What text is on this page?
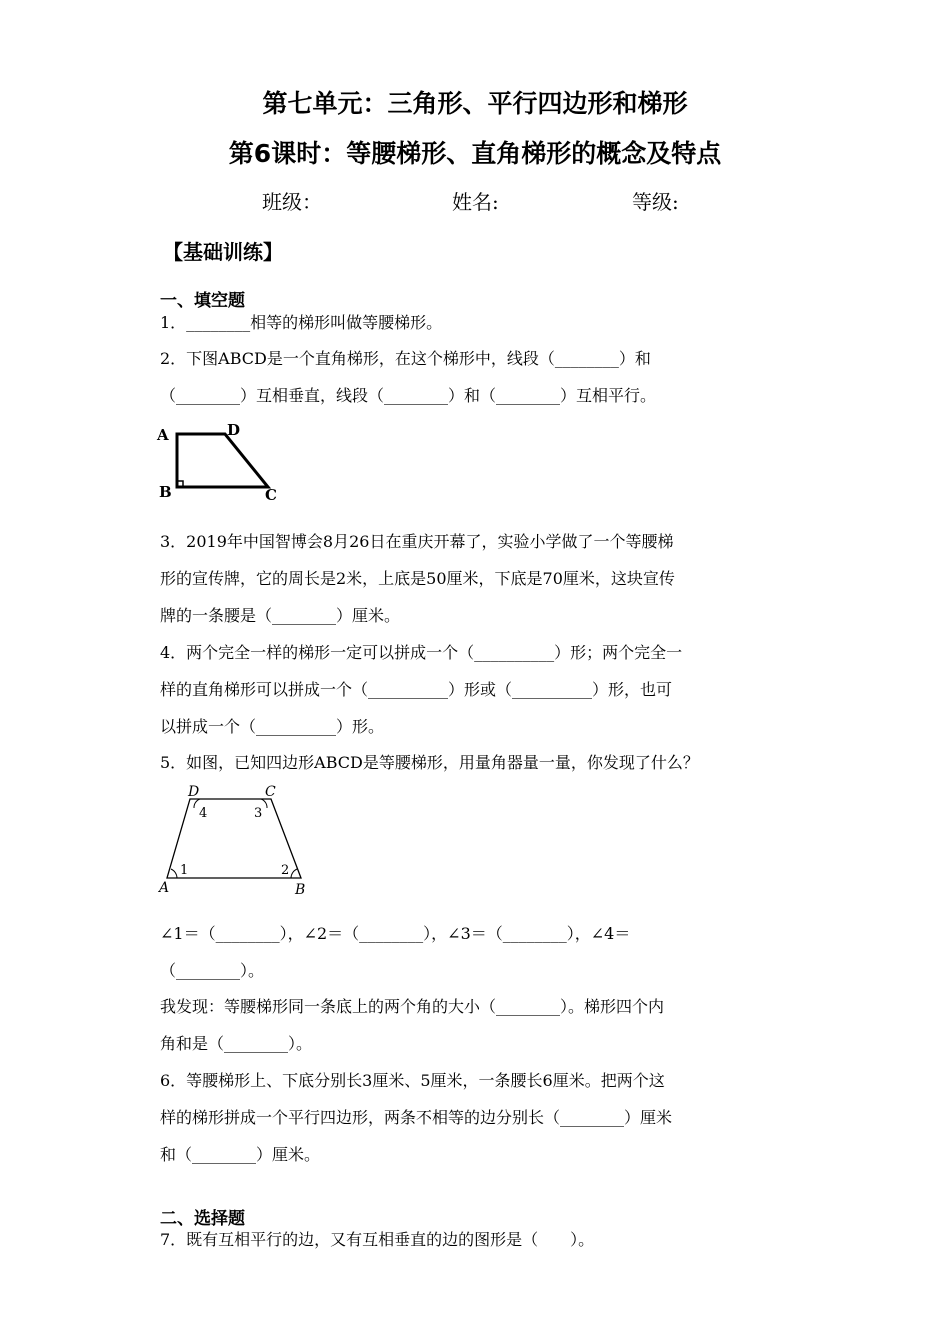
第七单元：三角形、平行四边形和梯形
第6课时：等腰梯形、直角梯形的概念及特点
班级：	姓名:	等级:
【基础训练】
一、填空题
1．________相等的梯形叫做等腰梯形。
2．下图ABCD是一个直角梯形，在这个梯形中，线段（________）和
（________）互相垂直，线段（________）和（________）互相平行。
A	D
B	C
3．2019年中国智博会8月26日在重庆开幕了，实验小学做了一个等腰梯
形的宣传牌，它的周长是2米，上底是50厘米，下底是70厘米，这块宣传
牌的一条腰是（________）厘米。
4．两个完全一样的梯形一定可以拼成一个（__________）形；两个完全一
样的直角梯形可以拼成一个（__________）形或（__________）形，也可
以拼成一个（__________）形。
5．如图，已知四边形ABCD是等腰梯形，用量角器量一量，你发现了什么？
D	C
A	B
4	3
1	2
∠1＝（________），∠2＝（________），∠3＝（________），∠4＝
（________）。
我发现：等腰梯形同一条底上的两个角的大小（________）。梯形四个内
角和是（________）。
6．等腰梯形上、下底分别长3厘米、5厘米，一条腰长6厘米。把两个这
样的梯形拼成一个平行四边形，两条不相等的边分别长（________）厘米
和（________）厘米。
二、选择题
7．既有互相平行的边，又有互相垂直的边的图形是（　　）。
